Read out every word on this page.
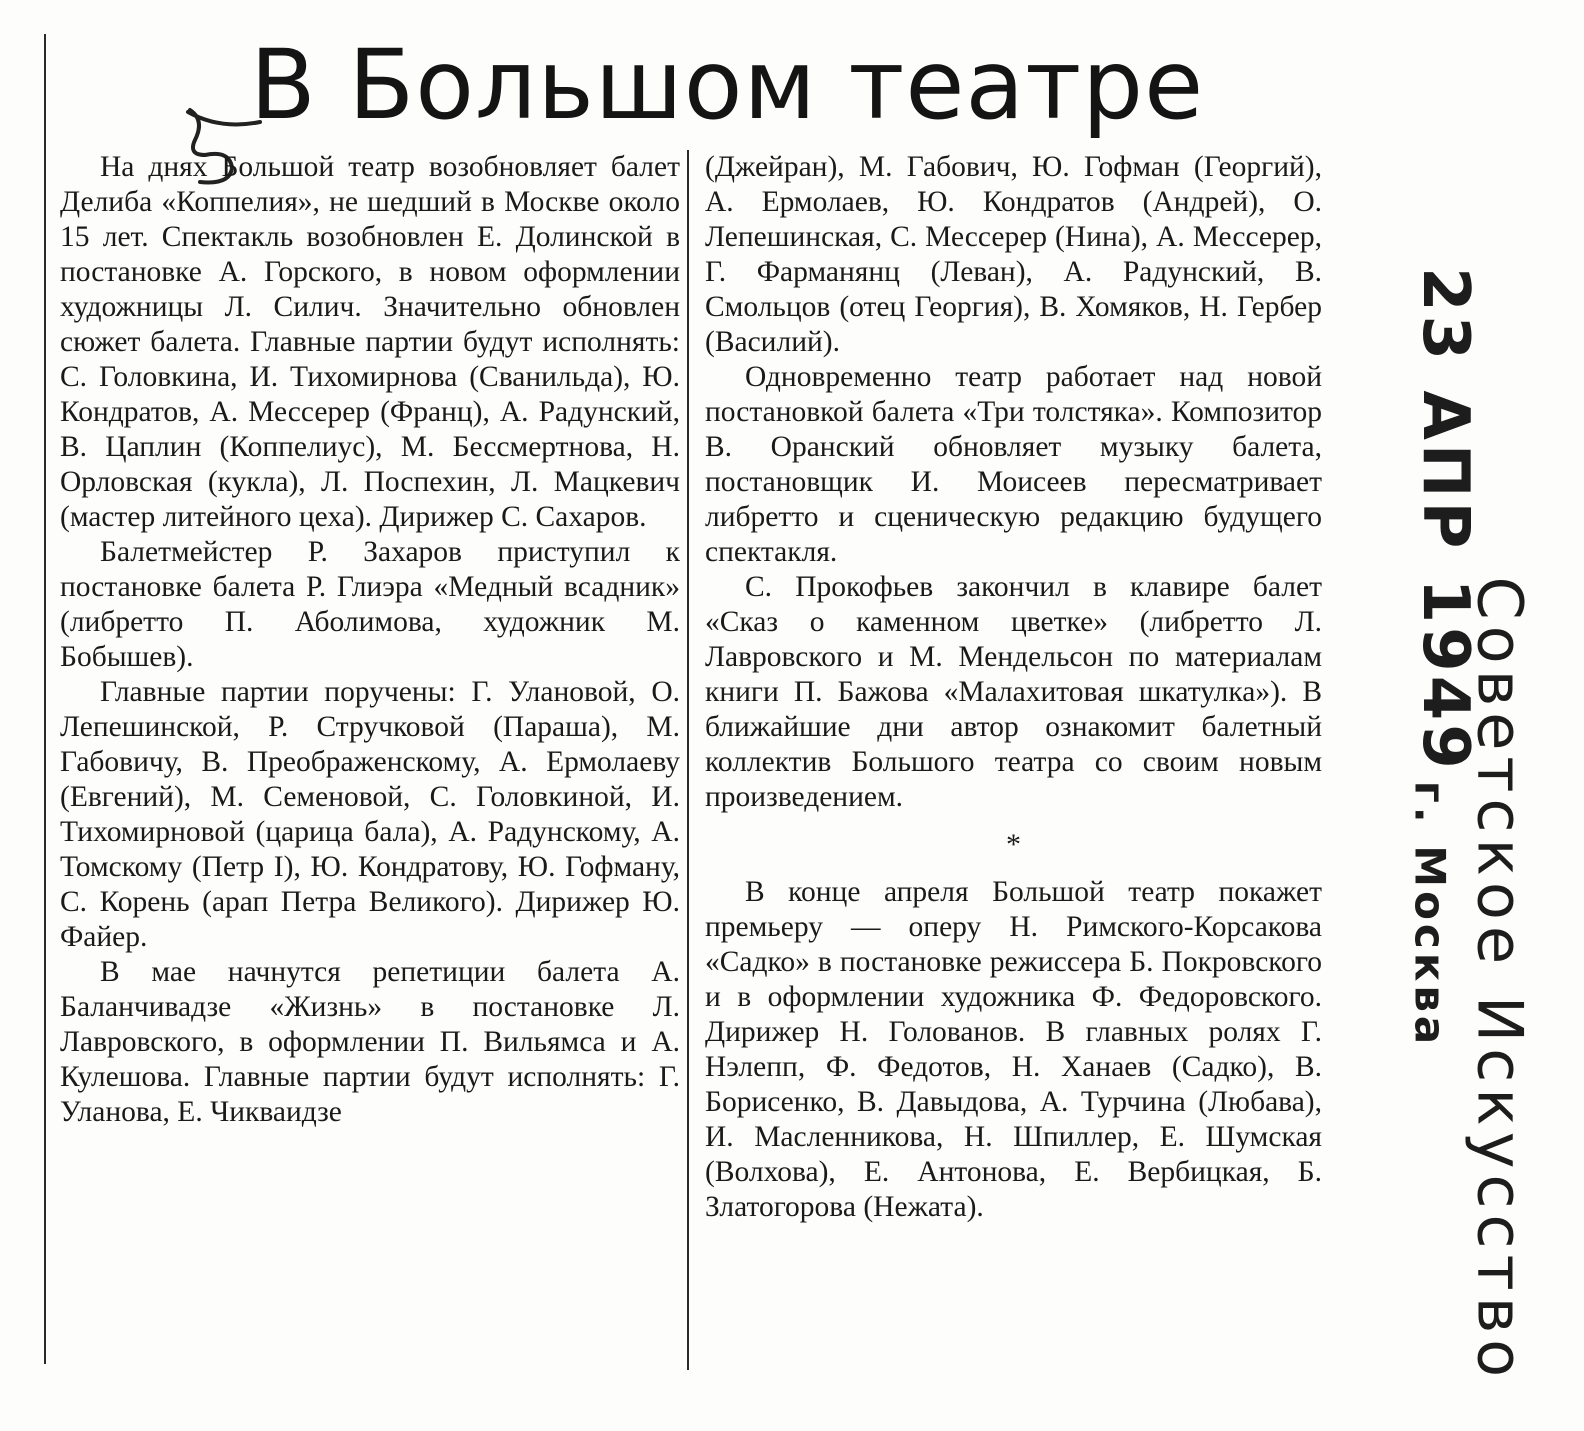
В Большом театре

На днях Большой театр возобновляет балет Делиба «Коппелия», не шедший в Москве около 15 лет. Спектакль возобновлен Е. Долинской в постановке А. Горского, в новом оформлении художницы Л. Силич. Значительно обновлен сюжет балета. Главные партии будут исполнять: С. Головкина, И. Тихомирнова (Сванильда), Ю. Кондратов, А. Мессерер (Франц), А. Радунский, В. Цаплин (Коппелиус), М. Бессмертнова, Н. Орловская (кукла), Л. Поспехин, Л. Мацкевич (мастер литейного цеха). Дирижер С. Сахаров.

Балетмейстер Р. Захаров приступил к постановке балета Р. Глиэра «Медный всадник» (либретто П. Аболимова, художник М. Бобышев).

Главные партии поручены: Г. Улановой, О. Лепешинской, Р. Стручковой (Параша), М. Габовичу, В. Преображенскому, А. Ермолаеву (Евгений), М. Семеновой, С. Головкиной, И. Тихомирновой (царица бала), А. Радунскому, А. Томскому (Петр I), Ю. Кондратову, Ю. Гофману, С. Корень (арап Петра Великого). Дирижер Ю. Файер.

В мае начнутся репетиции балета А. Баланчивадзе «Жизнь» в постановке Л. Лавровского, в оформлении П. Вильямса и А. Кулешова. Главные партии будут исполнять: Г. Уланова, Е. Чикваидзе

(Джейран), М. Габович, Ю. Гофман (Георгий), А. Ермолаев, Ю. Кондратов (Андрей), О. Лепешинская, С. Мессерер (Нина), А. Мессерер, Г. Фарманянц (Леван), А. Радунский, В. Смольцов (отец Георгия), В. Хомяков, Н. Гербер (Василий).

Одновременно театр работает над новой постановкой балета «Три толстяка». Композитор В. Оранский обновляет музыку балета, постановщик И. Моисеев пересматривает либретто и сценическую редакцию будущего спектакля.

С. Прокофьев закончил в клавире балет «Сказ о каменном цветке» (либретто Л. Лавровского и М. Мендельсон по материалам книги П. Бажова «Малахитовая шкатулка»). В ближайшие дни автор ознакомит балетный коллектив Большого театра со своим новым произведением.

*

В конце апреля Большой театр покажет премьеру — оперу Н. Римского-Корсакова «Садко» в постановке режиссера Б. Покровского и в оформлении художника Ф. Федоровского. Дирижер Н. Голованов. В главных ролях Г. Нэлепп, Ф. Федотов, Н. Ханаев (Садко), В. Борисенко, В. Давыдова, А. Турчина (Любава), И. Масленникова, Н. Шпиллер, Е. Шумская (Волхова), Е. Антонова, Е. Вербицкая, Б. Златогорова (Нежата).

23 АПР 1949
Советское Искусство
г. Москва
